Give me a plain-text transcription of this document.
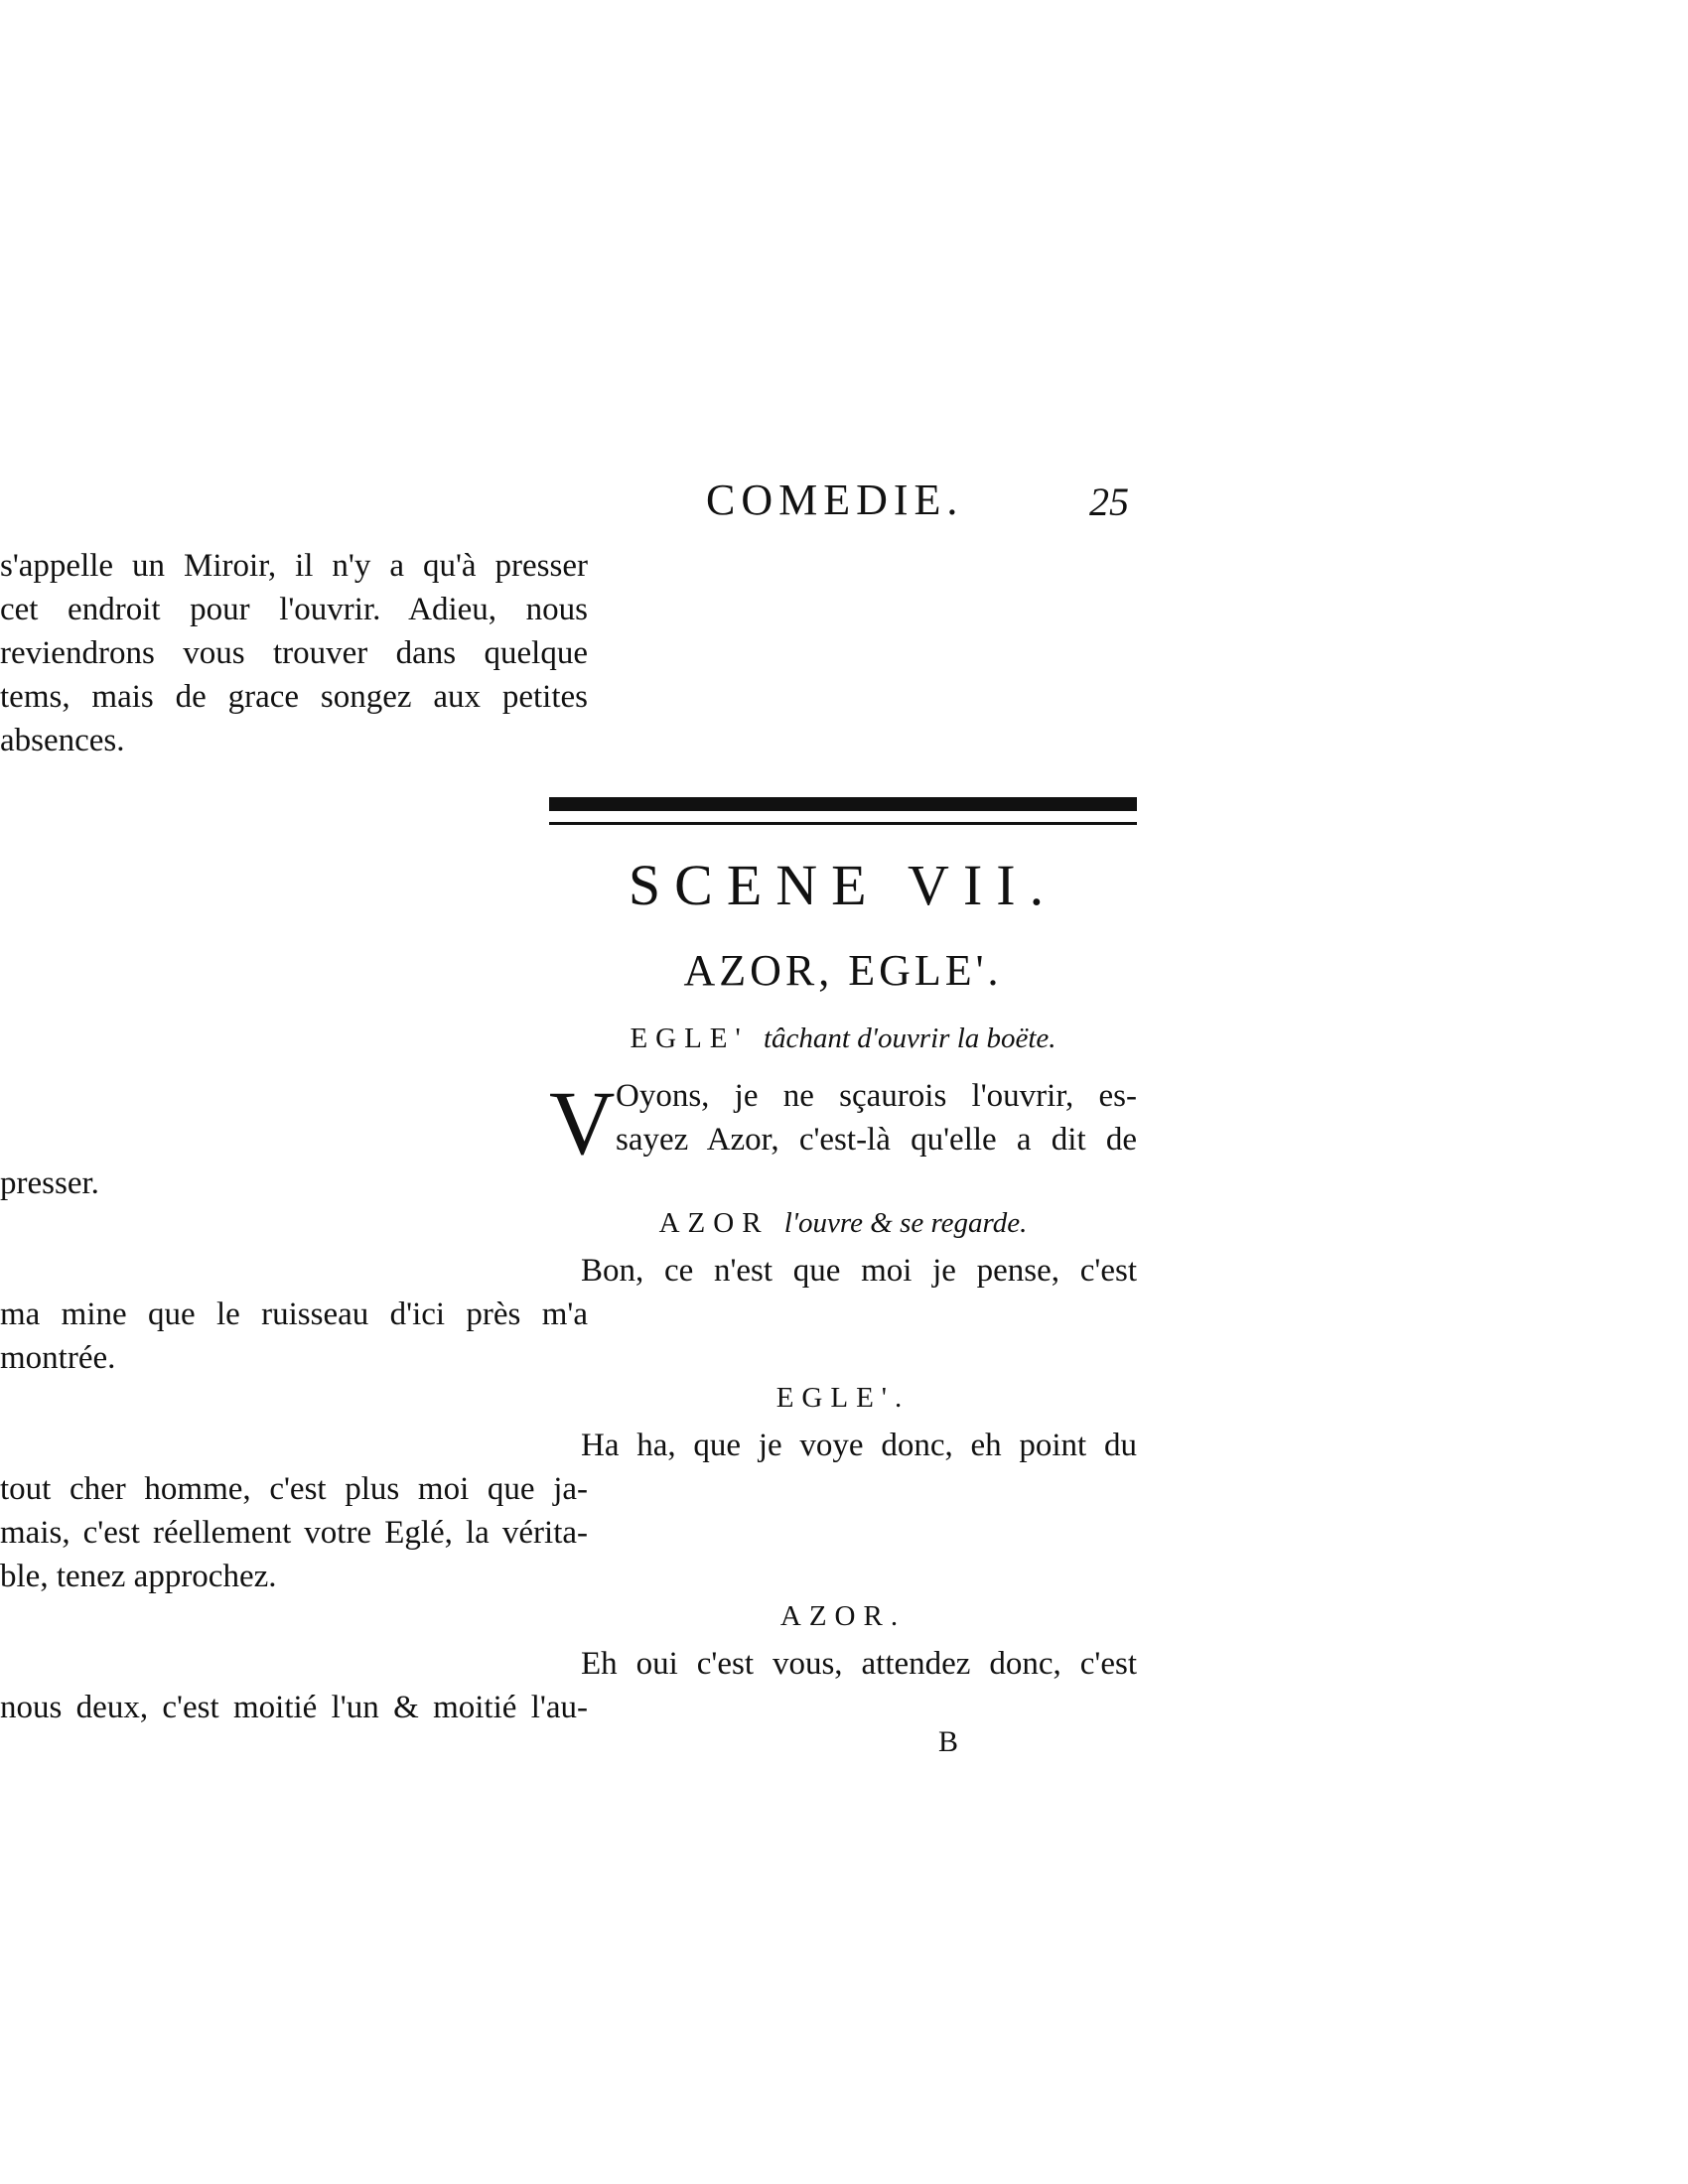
COMEDIE.	25
s'appelle un Miroir, il n'y a qu'à presser
cet endroit pour l'ouvrir. Adieu, nous
reviendrons vous trouver dans quelque
tems, mais de grace songez aux petites
absences.
SCENE VII.
AZOR, EGLE'.
EGLE' tâchant d'ouvrir la boëte.
V Oyons, je ne sçaurois l'ouvrir, es-
sayez Azor, c'est-là qu'elle a dit de
presser.
AZOR l'ouvre & se regarde.
Bon, ce n'est que moi je pense, c'est
ma mine que le ruisseau d'ici près m'a
montrée.
EGLE'.
Ha ha, que je voye donc, eh point du
tout cher homme, c'est plus moi que ja-
mais, c'est réellement votre Eglé, la vérita-
ble, tenez approchez.
AZOR.
Eh oui c'est vous, attendez donc, c'est
nous deux, c'est moitié l'un & moitié l'au-
B
